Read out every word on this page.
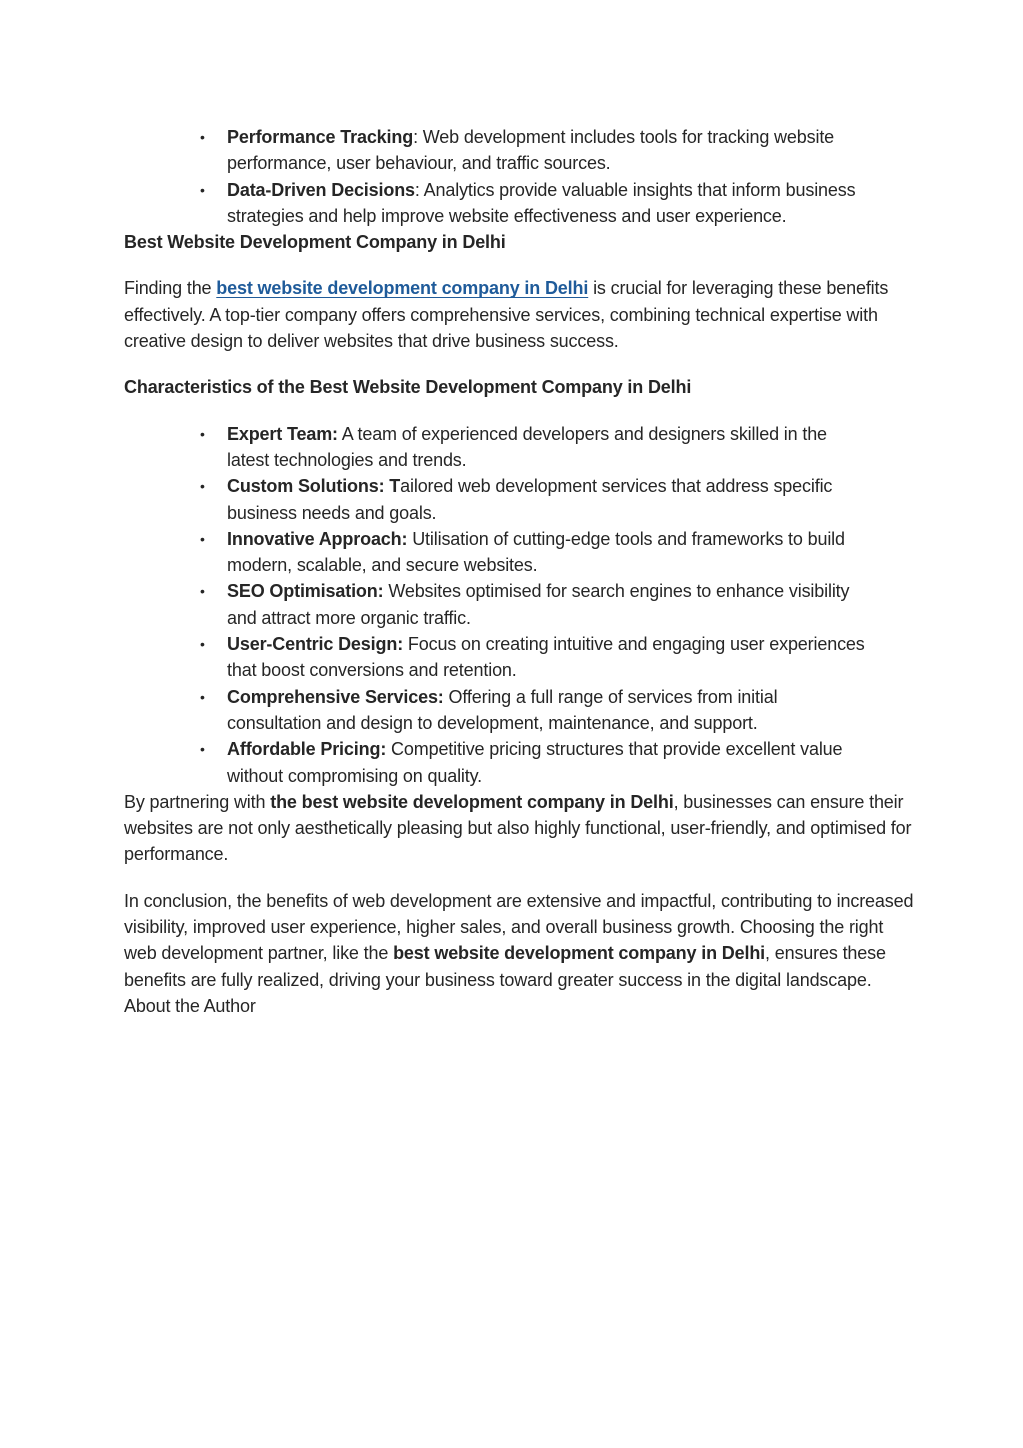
• Performance Tracking: Web development includes tools for tracking website performance, user behaviour, and traffic sources.
• Data-Driven Decisions: Analytics provide valuable insights that inform business strategies and help improve website effectiveness and user experience.

Best Website Development Company in Delhi

Finding the best website development company in Delhi is crucial for leveraging these benefits effectively. A top-tier company offers comprehensive services, combining technical expertise with creative design to deliver websites that drive business success.

Characteristics of the Best Website Development Company in Delhi

• Expert Team: A team of experienced developers and designers skilled in the latest technologies and trends.
• Custom Solutions: Tailored web development services that address specific business needs and goals.
• Innovative Approach: Utilisation of cutting-edge tools and frameworks to build modern, scalable, and secure websites.
• SEO Optimisation: Websites optimised for search engines to enhance visibility and attract more organic traffic.
• User-Centric Design: Focus on creating intuitive and engaging user experiences that boost conversions and retention.
• Comprehensive Services: Offering a full range of services from initial consultation and design to development, maintenance, and support.
• Affordable Pricing: Competitive pricing structures that provide excellent value without compromising on quality.

By partnering with the best website development company in Delhi, businesses can ensure their websites are not only aesthetically pleasing but also highly functional, user-friendly, and optimised for performance.

In conclusion, the benefits of web development are extensive and impactful, contributing to increased visibility, improved user experience, higher sales, and overall business growth. Choosing the right web development partner, like the best website development company in Delhi, ensures these benefits are fully realized, driving your business toward greater success in the digital landscape.

About the Author
